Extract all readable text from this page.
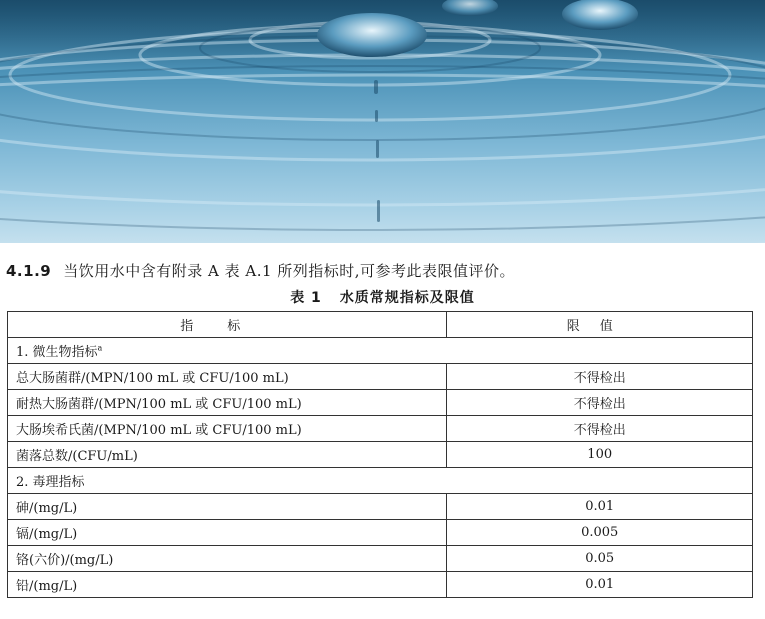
4.1.9 当饮用水中含有附录 A 表 A.1 所列指标时,可参考此表限值评价。
表 1 水质常规指标及限值
指标	限值
1. 微生物指标$^a$
总大肠菌群/(MPN/100 mL 或 CFU/100 mL)	不得检出
耐热大肠菌群/(MPN/100 mL 或 CFU/100 mL)	不得检出
大肠埃希氏菌/(MPN/100 mL 或 CFU/100 mL)	不得检出
菌落总数/(CFU/mL)	100
2. 毒理指标	
砷/(mg/L)	0.01
镉/(mg/L)	0.005
铬(六价)/(mg/L)	0.05
铅/(mg/L)	0.01
